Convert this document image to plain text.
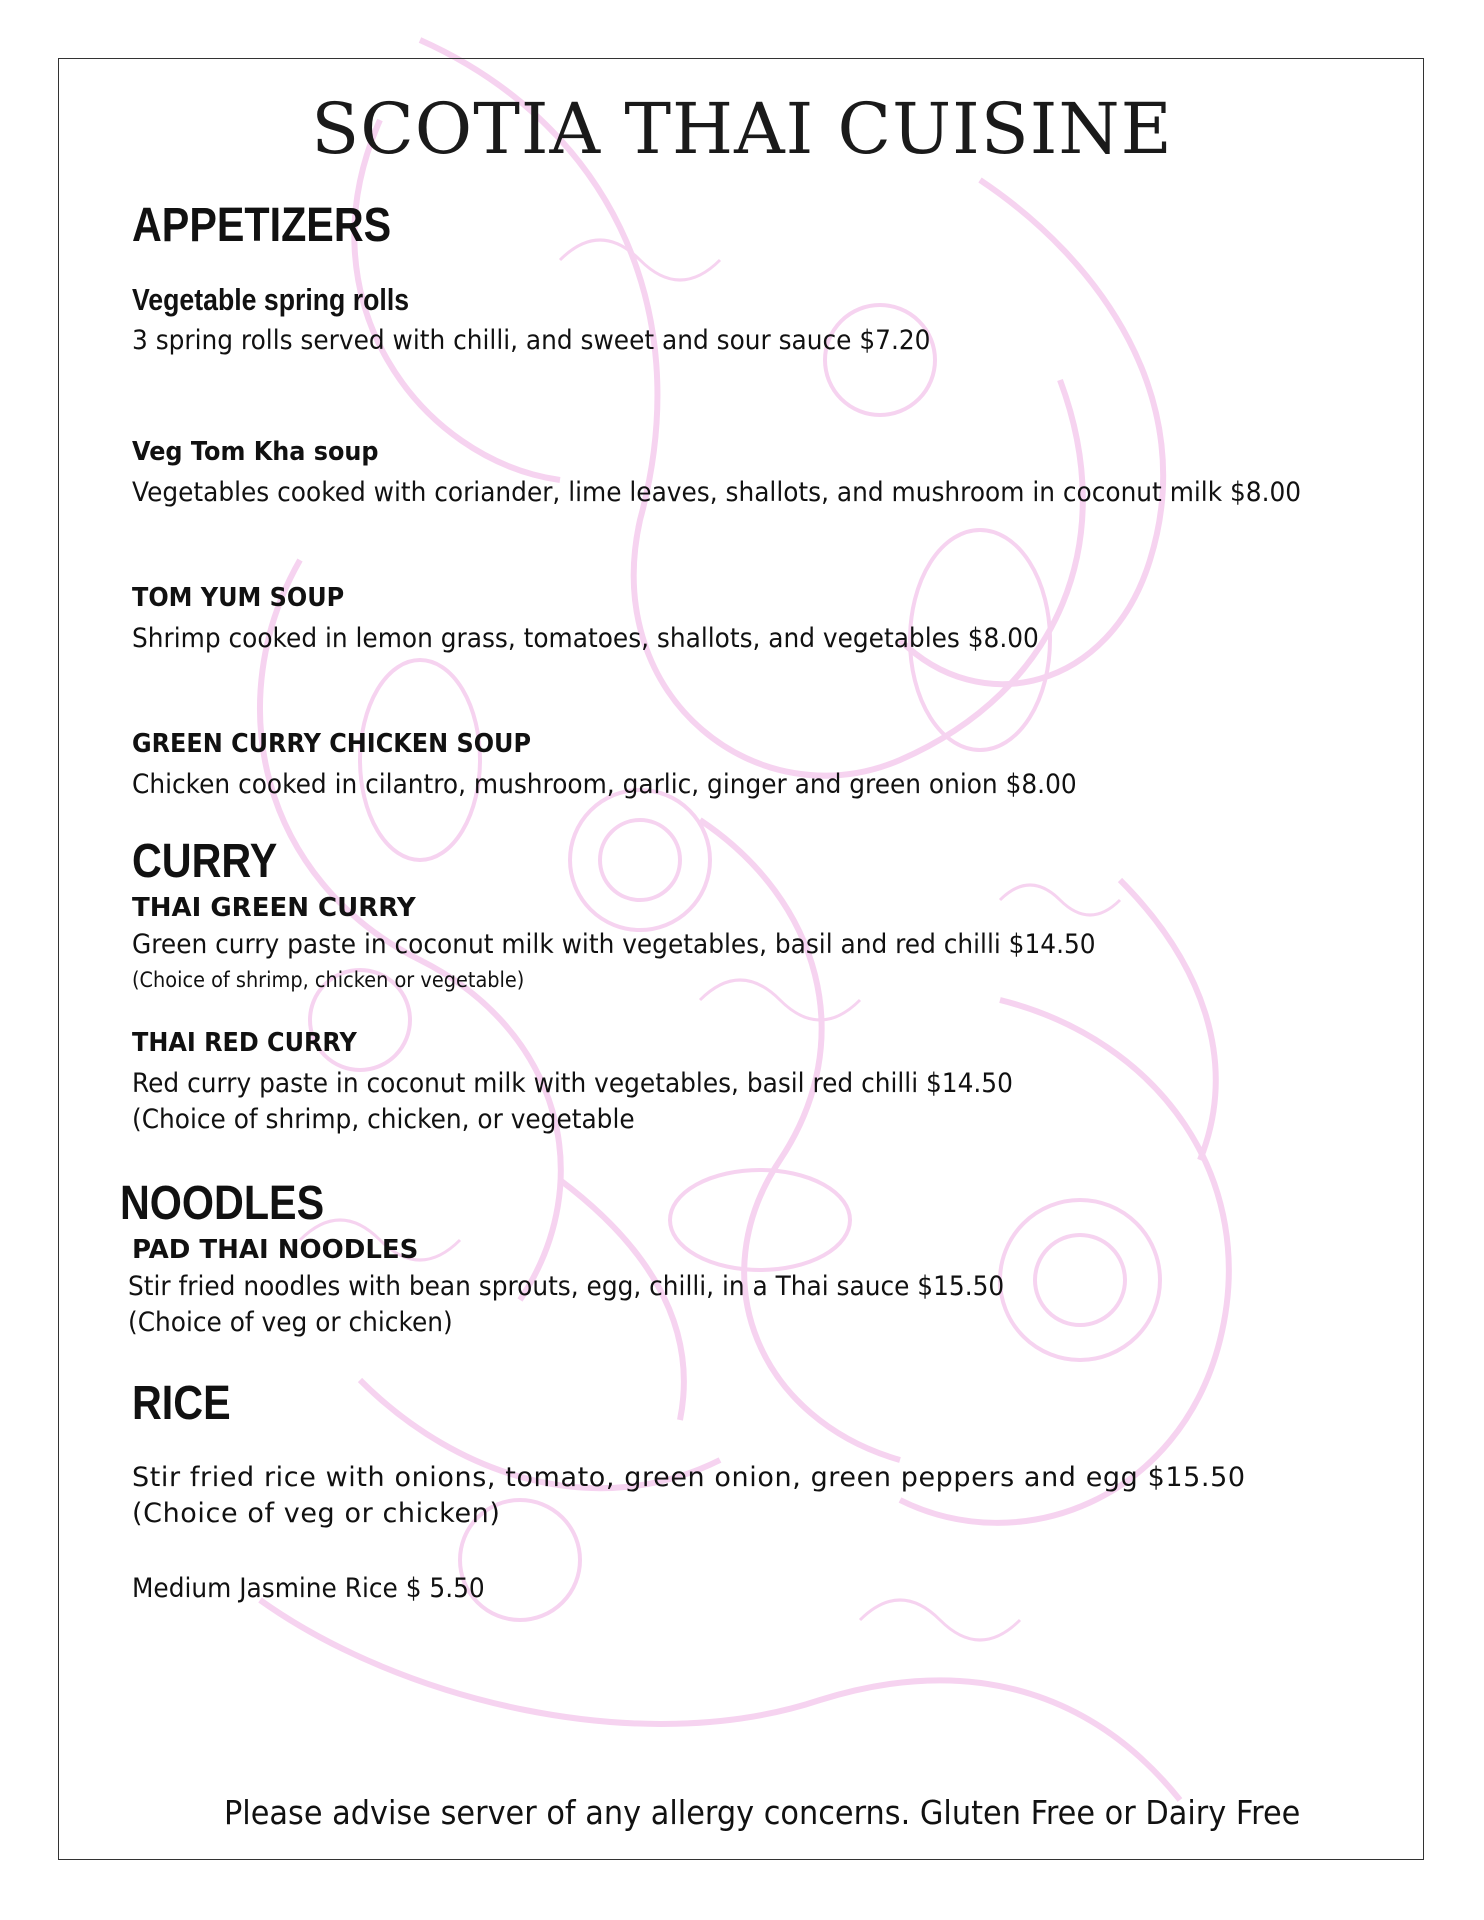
SCOTIA THAI CUISINE
APPETIZERS
Vegetable spring rolls
3 spring rolls served with chilli, and sweet and sour sauce $7.20
Veg Tom Kha soup
Vegetables cooked with coriander, lime leaves, shallots, and mushroom in coconut milk $8.00
TOM YUM SOUP
Shrimp cooked in lemon grass, tomatoes, shallots, and vegetables $8.00
GREEN CURRY CHICKEN SOUP
Chicken cooked in cilantro, mushroom, garlic, ginger and green onion $8.00
CURRY
THAI GREEN CURRY
Green curry paste in coconut milk with vegetables, basil and red chilli $14.50
(Choice of shrimp, chicken or vegetable)
THAI RED CURRY
Red curry paste in coconut milk with vegetables, basil red chilli $14.50
(Choice of shrimp, chicken, or vegetable
NOODLES
PAD THAI NOODLES
Stir fried noodles with bean sprouts, egg, chilli, in a Thai sauce $15.50
(Choice of veg or chicken)
RICE
Stir fried rice with onions, tomato, green onion, green peppers and egg $15.50
(Choice of veg or chicken)
Medium Jasmine Rice $ 5.50
Please advise server of any allergy concerns. Gluten Free or Dairy Free
